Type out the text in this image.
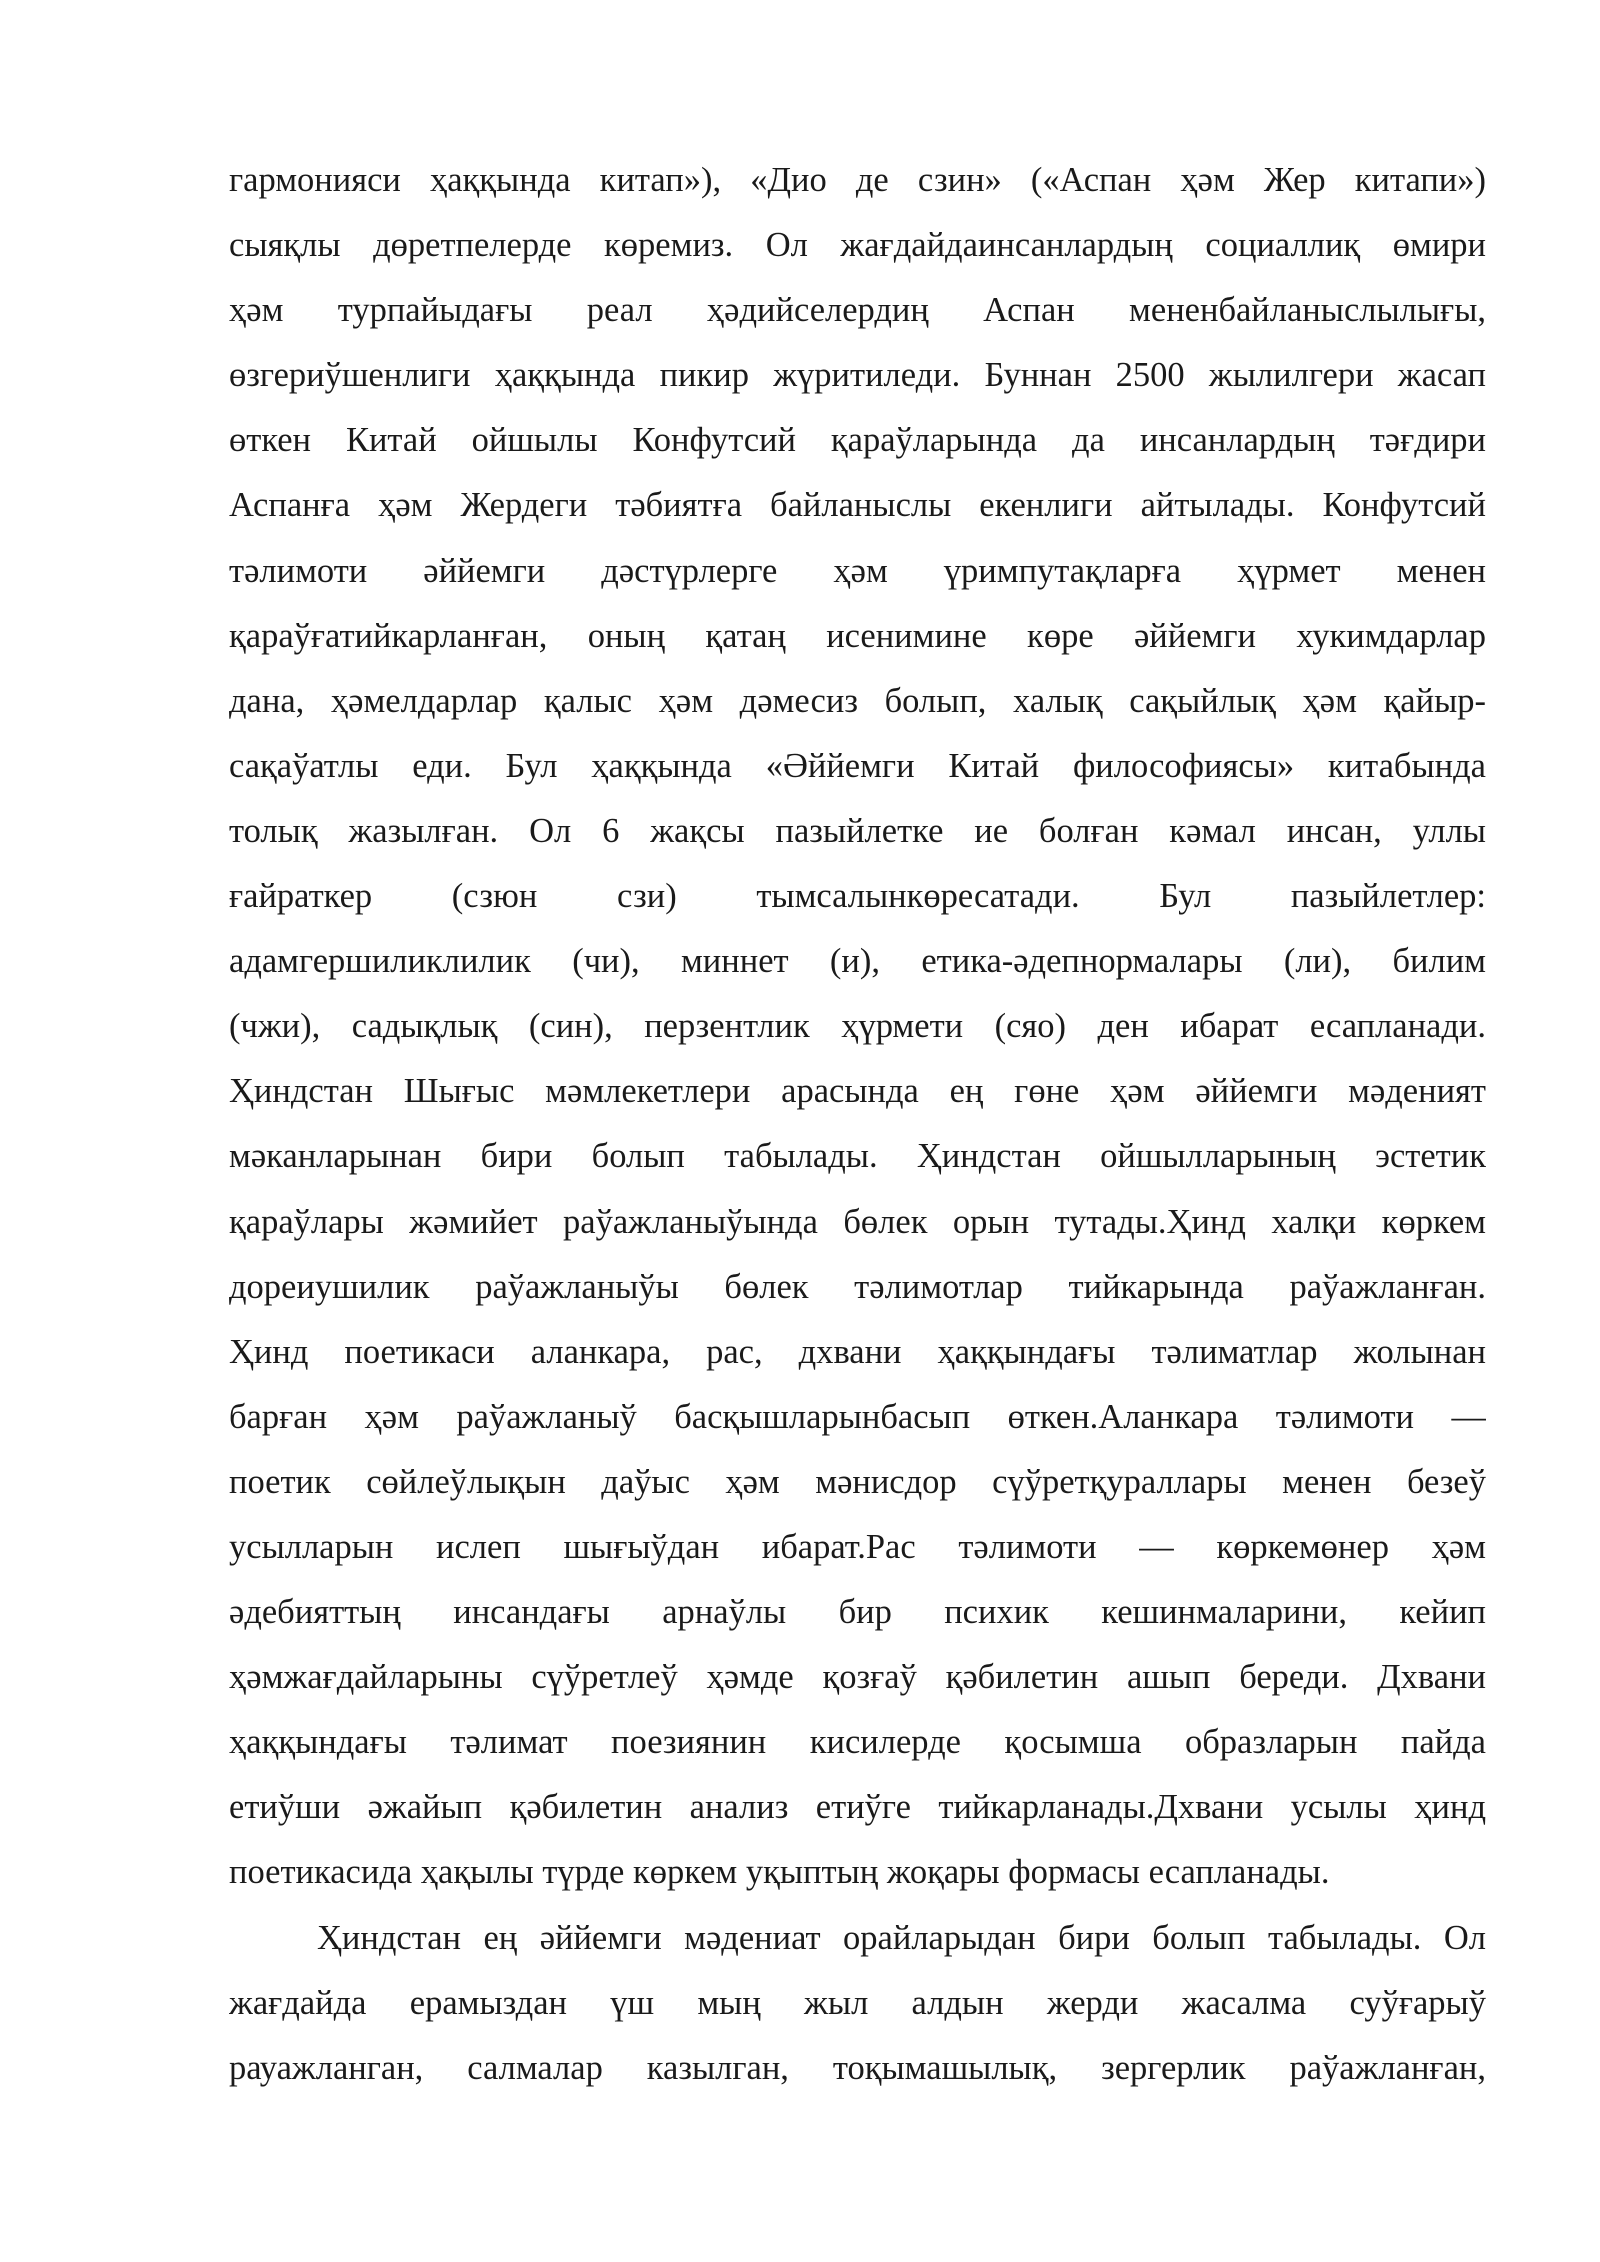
гармонияси ҳаққында китап»), «Дио де сзин» («Аспан ҳәм Жер китапи»)
сыяқлы дөретпелерде көремиз. Ол жағдайдаинсанлардың социаллиқ өмири
ҳәм турпайыдағы реал ҳәдийселердиң Аспан мененбайланыслылығы,
өзгериўшенлиги ҳаққында пикир жүритиледи. Буннан 2500 жылилгери жасап
өткен Китай ойшылы Конфутсий қараўларында да инсанлардың тәғдири
Аспанға ҳәм Жердеги тәбиятға байланыслы екенлиги айтылады. Конфутсий
тәлимоти әййемги дәстүрлерге ҳәм үримпутақларға ҳүрмет менен
қараўғатийкарланған, оның қатаң исенимине көре әййемги хукимдарлар
дана, ҳәмелдарлар қалыс ҳәм дәмесиз болып, халық сақыйлық ҳәм қайыр-
сақаўатлы еди. Бул ҳаққында «Әййемги Китай философиясы» китабында
толық жазылған. Ол 6 жақсы пазыйлетке ие болған кәмал инсан, уллы
ғайраткер (сзюн сзи) тымсалынкөресатади. Бул пазыйлетлер:
адамгершиликлилик (чи), миннет (и), етика-әдепнормалары (ли), билим
(чжи), садықлық (син), перзентлик ҳүрмети (сяо) ден ибарат есапланади.
Ҳиндстан Шығыс мәмлекетлери арасында ең гөне ҳәм әййемги мәденият
мәканларынан бири болып табылады. Ҳиндстан ойшылларының эстетик
қараўлары жәмийет раўажланыўында бөлек орын тутады.Ҳинд халқи көркем
дореиушилик раўажланыўы бөлек тәлимотлар тийкарында раўажланған.
Ҳинд поетикаси аланкара, рас, дхвани ҳаққындағы тәлиматлар жолынан
барған ҳәм раўажланыў басқышларынбасып өткен.Аланкара тәлимоти —
поетик сөйлеўлықын даўыс ҳәм мәнисдор сүўретқураллары менен безеў
усылларын ислеп шығыўдан ибарат.Рас тәлимоти — көркемөнер ҳәм
әдебияттың инсандағы арнаўлы бир психик кешинмаларини, кейип
ҳәмжағдайларыны сүўретлеў ҳәмде қозғаў қәбилетин ашып береди. Дхвани
ҳаққындағы тәлимат поезиянин кисилерде қосымша образларын пайда
етиўши әжайып қәбилетин анализ етиўге тийкарланады.Дхвани усылы ҳинд
поетикасида ҳақылы түрде көркем уқыптың жоқары формасы есапланады.
Ҳиндстан ең әййемги мәдениат орайларыдан бири болып табылады. Ол
жағдайда ерамыздан үш мың жыл алдын жерди жасалма суўғарыў
рауажланган, салмалар казылган, тоқымашылық, зергерлик раўажланған,
